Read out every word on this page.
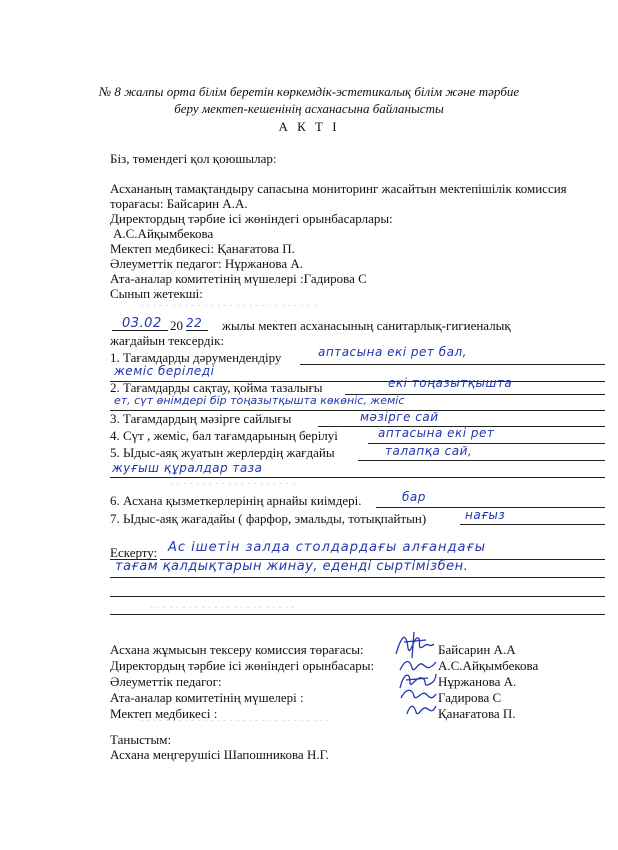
· · · · · · · · · · · · · · · · · · · · · · · · · · · ·
· · · · · · · · · · · · · · · · · · · ·
· · · · · · · · · · · · · · · · · · · · · · ·
· · · · · · · · · · · · · · · · · · · · · · · · · · · · · ·
№ 8 жалпы орта білім беретін көркемдік-эстетикалық білім және тәрбие
беру мектеп-кешенінің асханасына байланысты
А К Т І
Біз, төмендегі қол қоюшылар:
Асхананың тамақтандыру сапасына мониторинг жасайтын мектепішілік комиссия
торағасы: Байсарин А.А.
Директордың тәрбие ісі жөніндегі орынбасарлары:
А.С.Айқымбекова
Мектеп медбикесі: Қанағатова П.
Әлеуметтік педагог: Нұржанова А.
Ата-аналар комитетінің мүшелері :Гадирова С
Сынып жетекші:
03.02 20 22 жылы мектеп асханасының санитарлық-гигиеналық
жағдайын тексердік:
1. Тағамдарды дәрумендендіру	аптасына екі рет бал,
жеміс беріледі
2. Тағамдарды сақтау, қойма тазалығы	екі тоңазытқышта
ет, сүт өнімдері бір тоңазытқышта көкөніс, жеміс
3. Тағамдардың мәзірге сайлығы	мәзірге сай
4. Сүт , жеміс, бал тағамдарының берілуі	аптасына екі рет
5. Ыдыс-аяқ жуатын жерлердің жағдайы	талапқа сай,
жуғыш құралдар таза
6. Асхана қызметкерлерінің арнайы киімдері.	бар
7. Ыдыс-аяқ жағадайы ( фарфор, эмальды, тотықпайтын)	нағыз
Ескерту: Ас ішетін залда столдардағы алғандағы
тағам қалдықтарын жинау, еденді сыртімізбен.
Асхана жұмысын тексеру комиссия төрағасы:	Байсарин А.А
Директордың тәрбие ісі жөніндегі орынбасары:	А.С.Айқымбекова
Әлеуметтік педагог:	Нұржанова А.
Ата-аналар комитетінің мүшелері :	Гадирова С
Мектеп медбикесі :	Қанағатова П.
Таныстым:
Асхана меңгерушісі Шапошникова Н.Г.
